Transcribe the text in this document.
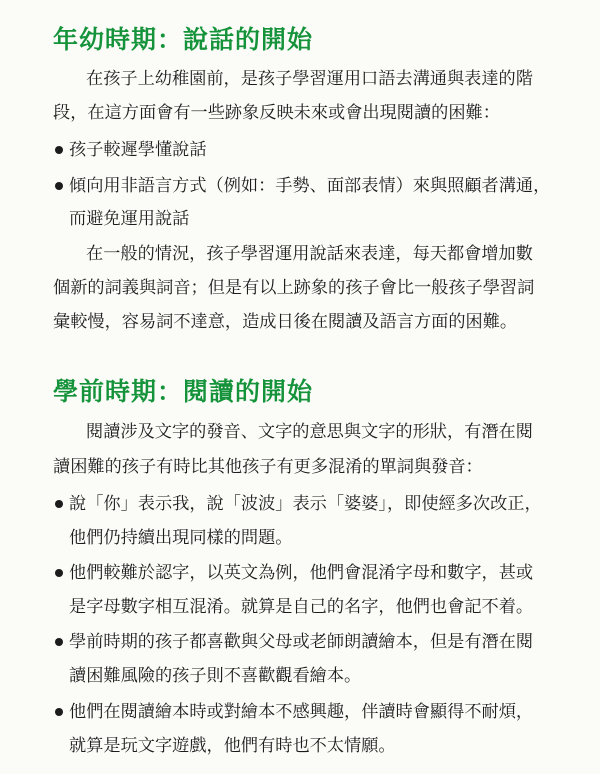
年幼時期：說話的開始

在孩子上幼稚園前，是孩子學習運用口語去溝通與表達的階

段，在這方面會有一些跡象反映未來或會出現閱讀的困難：

孩子較遲學懂說話

傾向用非語言方式（例如：手勢、面部表情）來與照顧者溝通，

而避免運用說話

在一般的情況，孩子學習運用說話來表達，每天都會增加數

個新的詞義與詞音；但是有以上跡象的孩子會比一般孩子學習詞

彙較慢，容易詞不達意，造成日後在閱讀及語言方面的困難。

學前時期：閱讀的開始

閱讀涉及文字的發音、文字的意思與文字的形狀，有潛在閱

讀困難的孩子有時比其他孩子有更多混淆的單詞與發音：

說「你」表示我，說「波波」表示「婆婆」，即使經多次改正，

他們仍持續出現同樣的問題。

他們較難於認字，以英文為例，他們會混淆字母和數字，甚或

是字母數字相互混淆。就算是自己的名字，他們也會記不着。

學前時期的孩子都喜歡與父母或老師朗讀繪本，但是有潛在閱

讀困難風險的孩子則不喜歡觀看繪本。

他們在閱讀繪本時或對繪本不感興趣，伴讀時會顯得不耐煩，

就算是玩文字遊戲，他們有時也不太情願。
